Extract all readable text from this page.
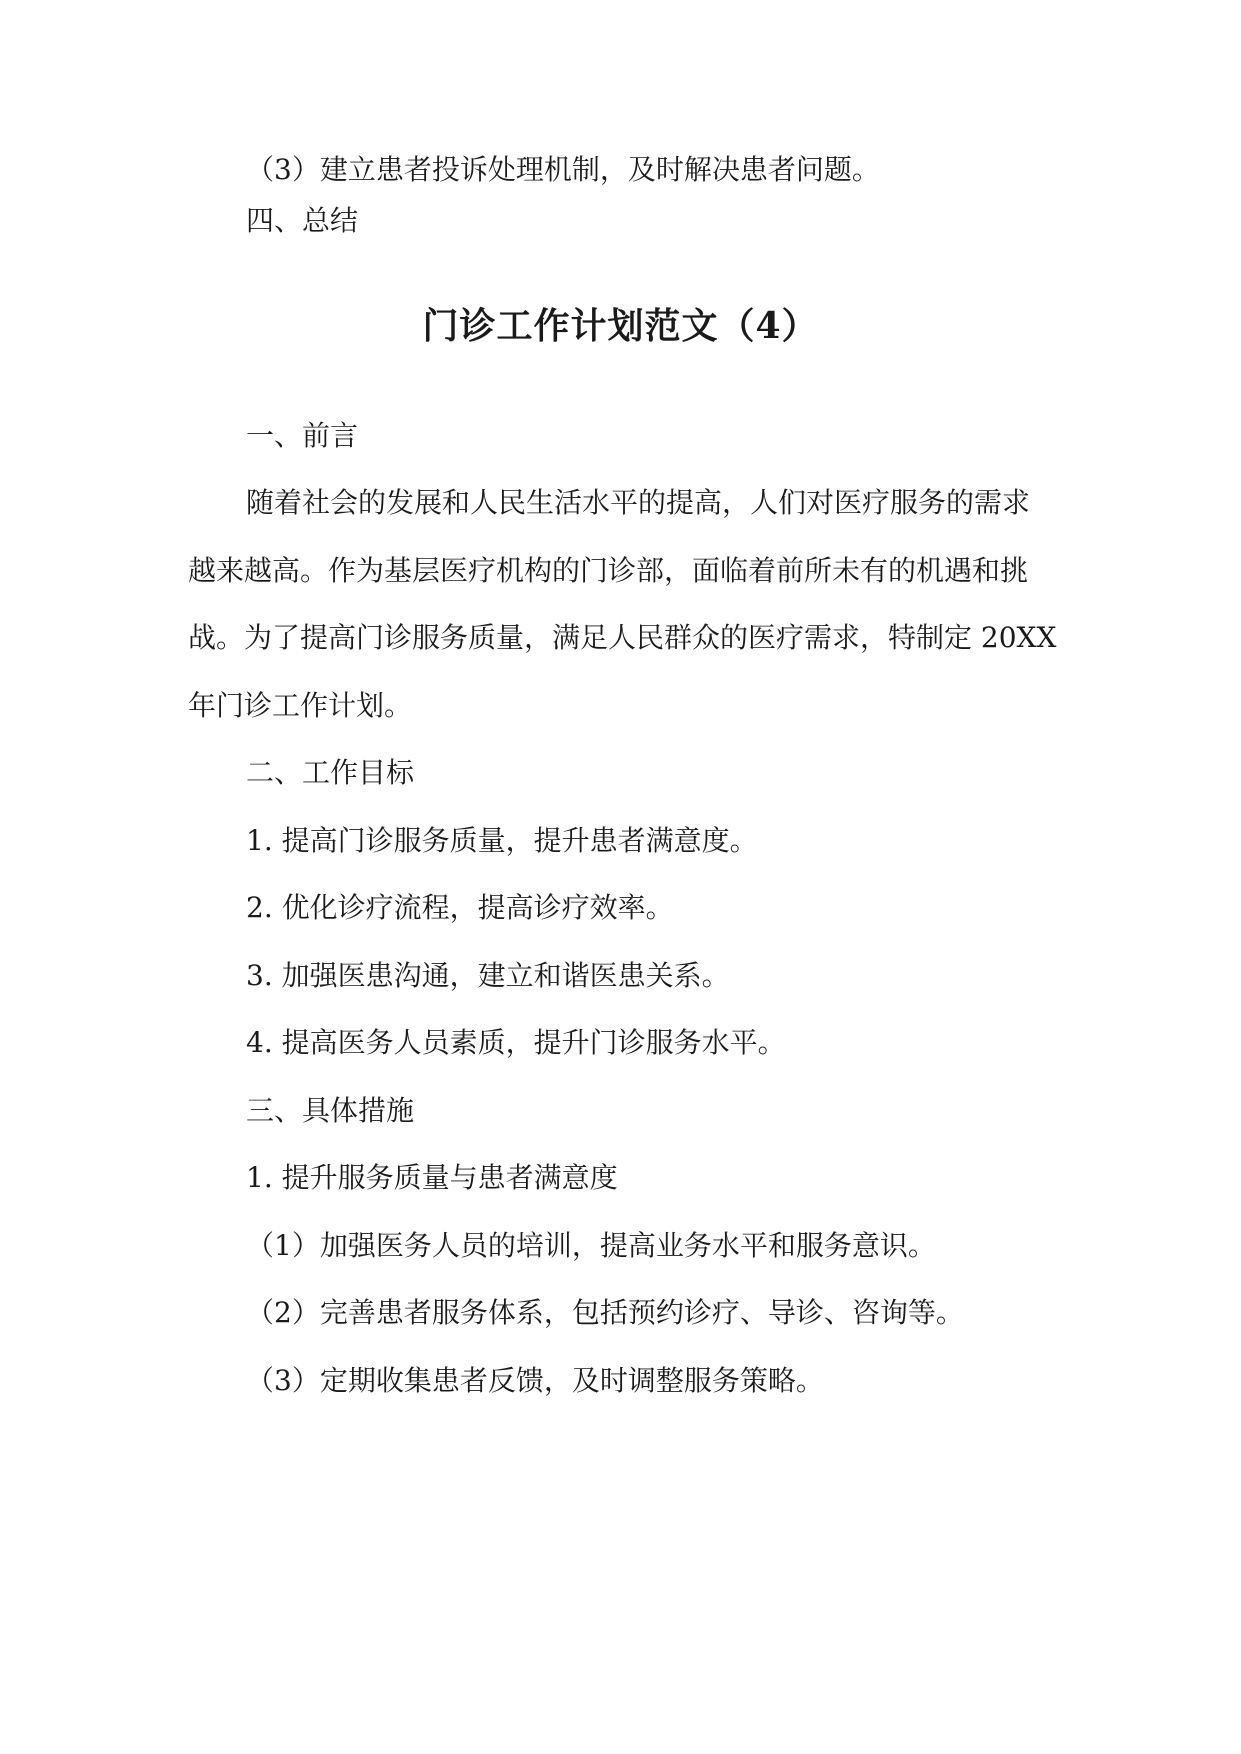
（3）建立患者投诉处理机制，及时解决患者问题。
四、总结
门诊工作计划范文（4）
一、前言
随着社会的发展和人民生活水平的提高，人们对医疗服务的需求
越来越高。作为基层医疗机构的门诊部，面临着前所未有的机遇和挑
战。为了提高门诊服务质量，满足人民群众的医疗需求，特制定 20XX
年门诊工作计划。
二、工作目标
1. 提高门诊服务质量，提升患者满意度。
2. 优化诊疗流程，提高诊疗效率。
3. 加强医患沟通，建立和谐医患关系。
4. 提高医务人员素质，提升门诊服务水平。
三、具体措施
1. 提升服务质量与患者满意度
（1）加强医务人员的培训，提高业务水平和服务意识。
（2）完善患者服务体系，包括预约诊疗、导诊、咨询等。
（3）定期收集患者反馈，及时调整服务策略。
